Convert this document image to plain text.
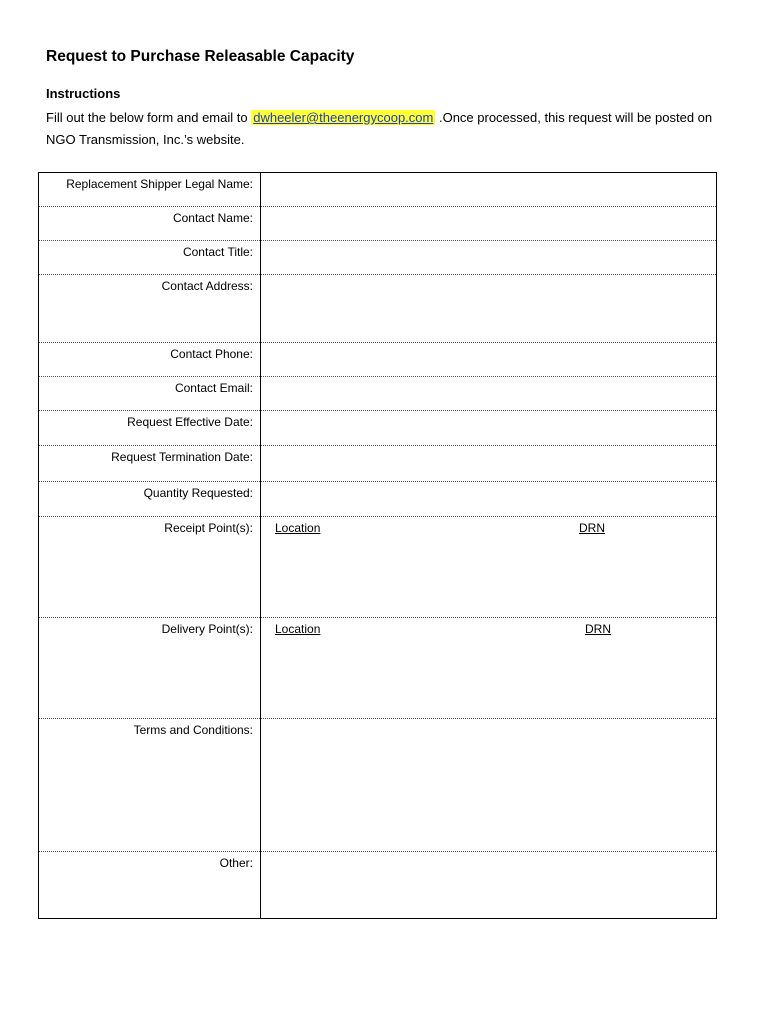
Request to Purchase Releasable Capacity
Instructions
Fill out the below form and email to dwheeler@theenergycoop.com .Once processed, this request will be posted on NGO Transmission, Inc.’s website.
Replacement Shipper Legal Name:	
Contact Name:	
Contact Title:	
Contact Address:	
Contact Phone:	
Contact Email:	
Request Effective Date:	
Request Termination Date:	
Quantity Requested:	
Receipt Point(s):	Location DRN

Delivery Point(s):	Location DRN

Terms and Conditions:	
Other:	
